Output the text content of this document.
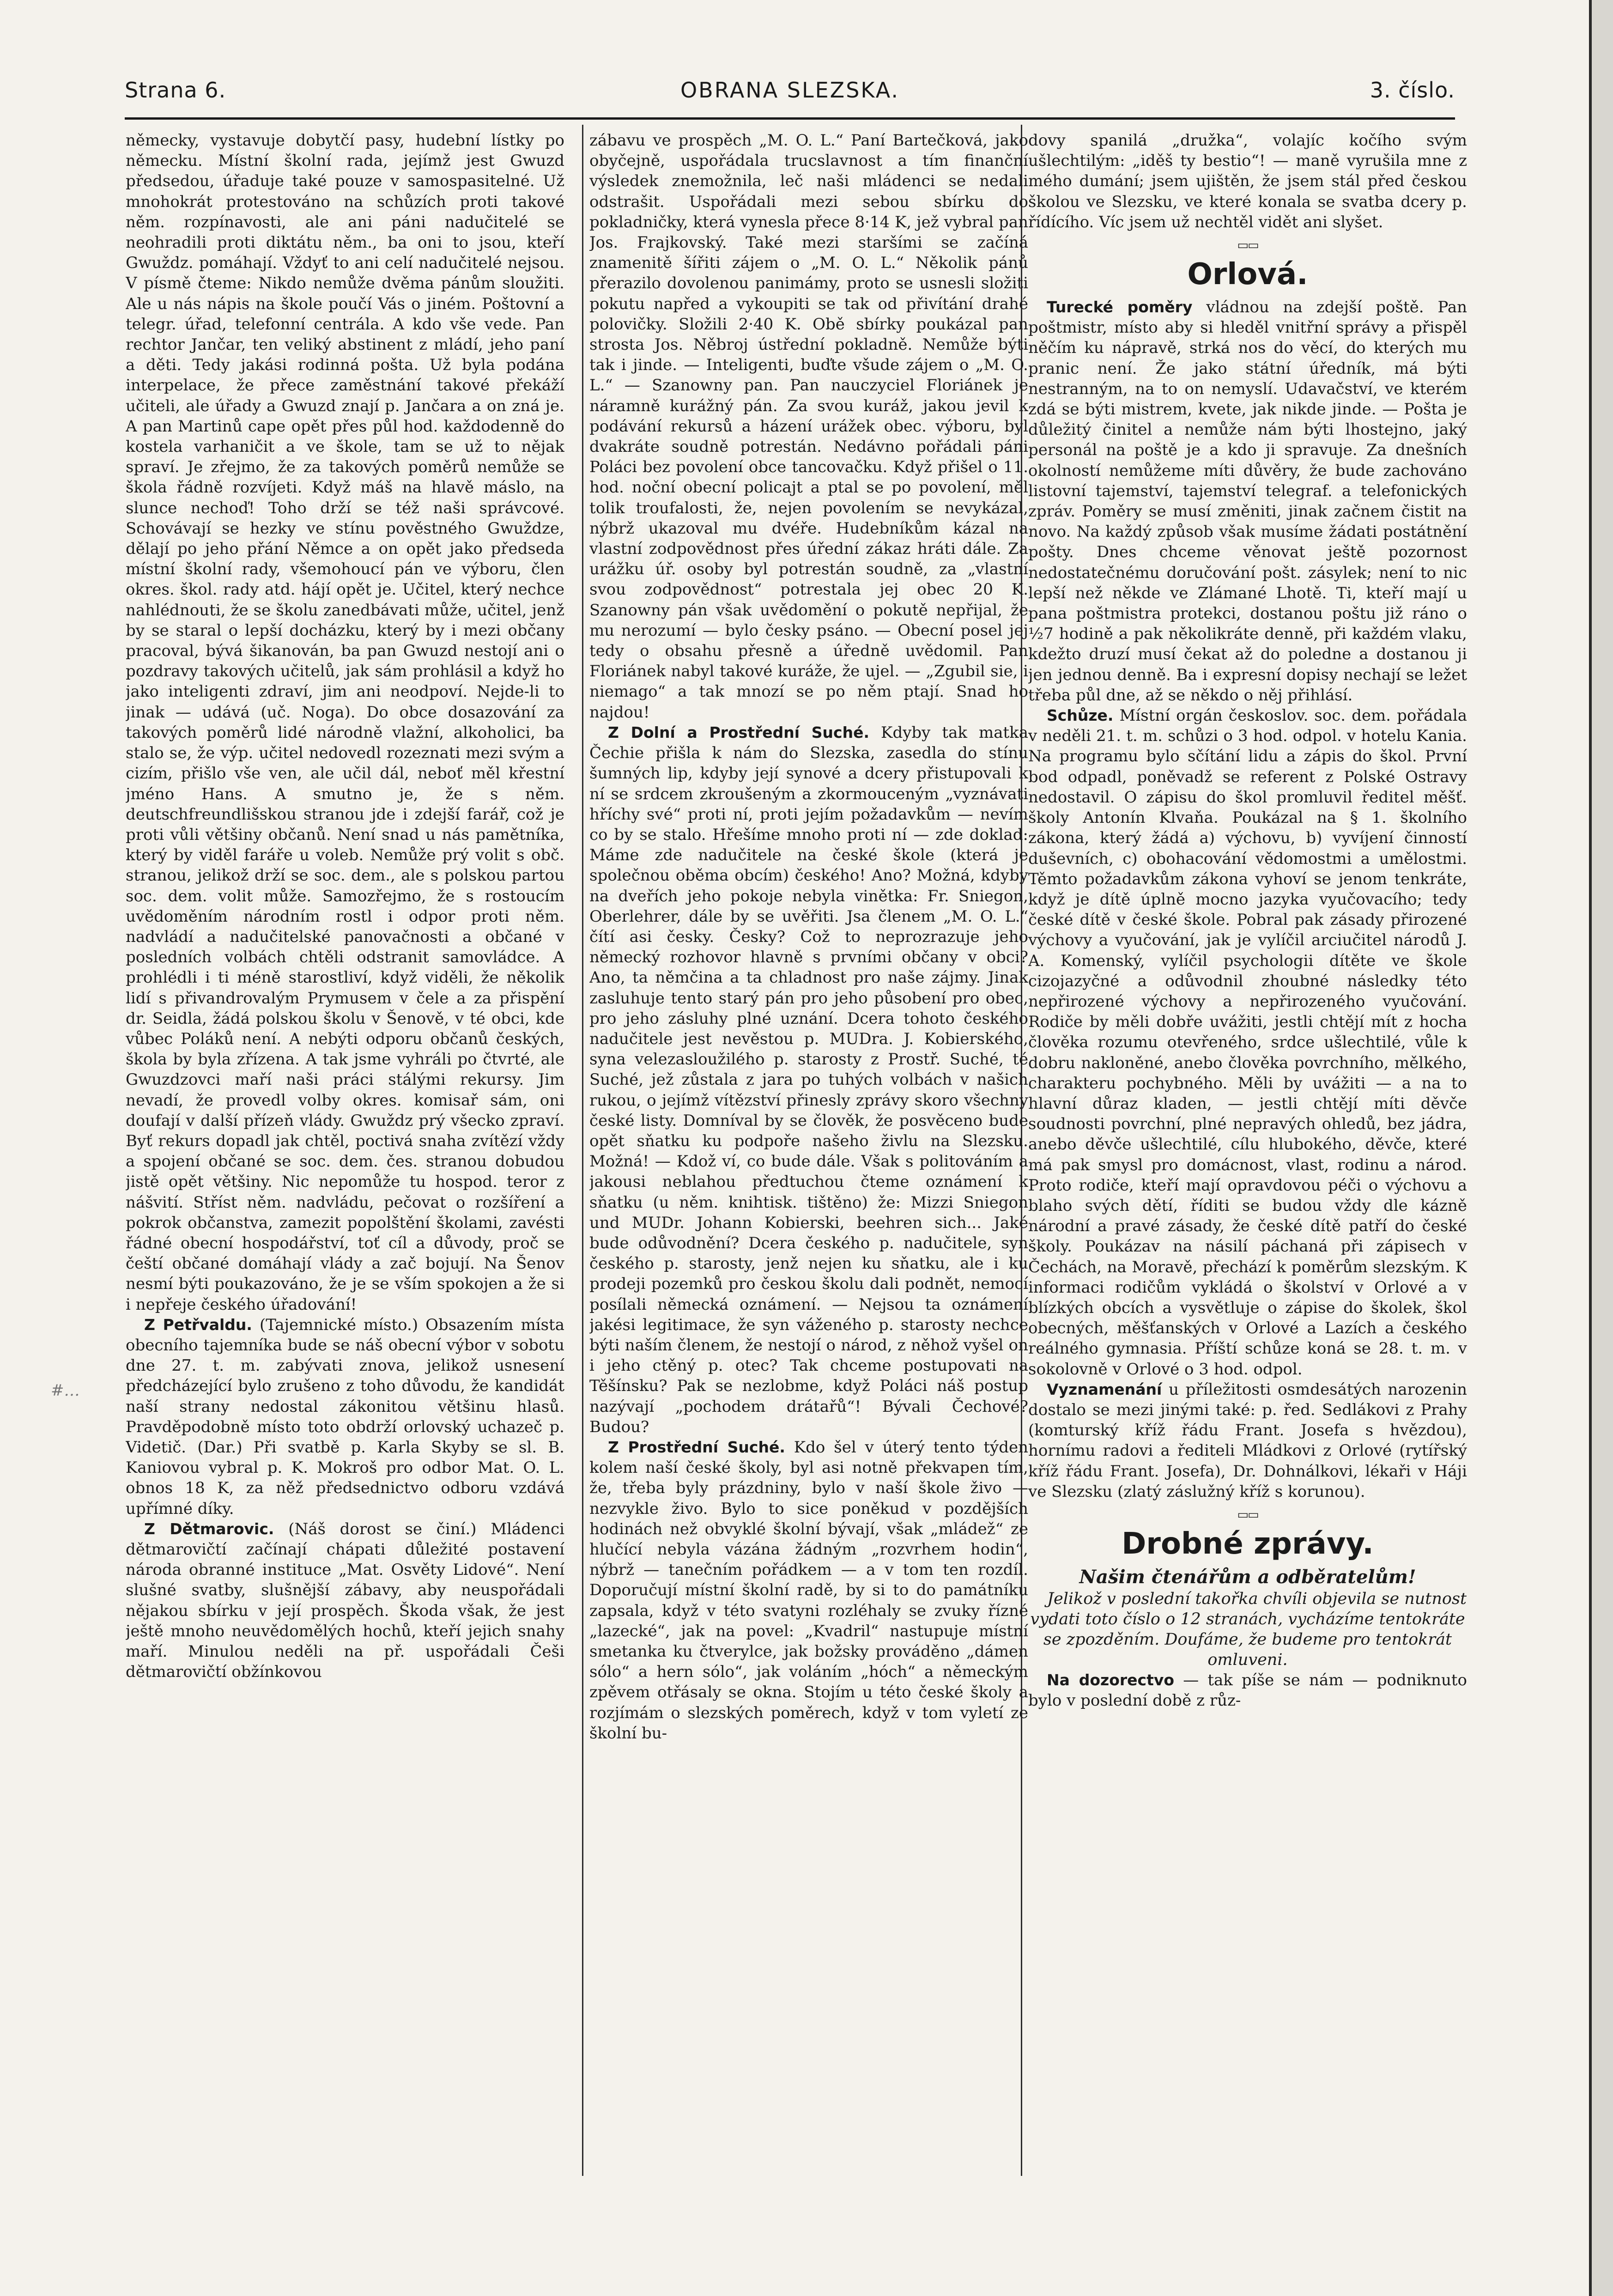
#…
Strana 6.	OBRANA SLEZSKA.	3. číslo.

německy, vystavuje dobytčí pasy, hudební lístky po německu. Místní školní rada, jejímž jest Gwuzd předsedou, úřaduje také pouze v samospasitelné. Už mnohokrát protestováno na schůzích proti takové něm. rozpínavosti, ale ani páni nadučitelé se neohradili proti diktátu něm., ba oni to jsou, kteří Gwuždz. pomáhají. Vždyť to ani celí nadučitelé nejsou. V písmě čteme: Nikdo nemůže dvěma pánům sloužiti. Ale u nás nápis na škole poučí Vás o jiném. Poštovní a telegr. úřad, telefonní centrála. A kdo vše vede. Pan rechtor Jančar, ten veliký abstinent z mládí, jeho paní a děti. Tedy jakási rodinná pošta. Už byla podána interpelace, že přece zaměstnání takové překáží učiteli, ale úřady a Gwuzd znají p. Jančara a on zná je. A pan Martinů cape opět přes půl hod. každodenně do kostela varhaničit a ve škole, tam se už to nějak spraví. Je zřejmo, že za takových poměrů nemůže se škola řádně rozvíjeti. Když máš na hlavě máslo, na slunce nechoď! Toho drží se též naši správcové. Schovávají se hezky ve stínu pověstného Gwuždze, dělají po jeho přání Němce a on opět jako předseda místní školní rady, všemohoucí pán ve výboru, člen okres. škol. rady atd. hájí opět je. Učitel, který nechce nahlédnouti, že se školu zanedbávati může, učitel, jenž by se staral o lepší docházku, který by i mezi občany pracoval, bývá šikanován, ba pan Gwuzd nestojí ani o pozdravy takových učitelů, jak sám prohlásil a když ho jako inteligenti zdraví, jim ani neodpoví. Nejde-li to jinak — udává (uč. Noga). Do obce dosazování za takových poměrů lidé národně vlažní, alkoholici, ba stalo se, že výp. učitel nedovedl rozeznati mezi svým a cizím, přišlo vše ven, ale učil dál, neboť měl křestní jméno Hans. A smutno je, že s něm. deutschfreundlišskou stranou jde i zdejší farář, což je proti vůli většiny občanů. Není snad u nás pamětníka, který by viděl faráře u voleb. Nemůže prý volit s obč. stranou, jelikož drží se soc. dem., ale s polskou partou soc. dem. volit může. Samozřejmo, že s rostoucím uvědoměním národním rostl i odpor proti něm. nadvládí a nadučitelské panovačnosti a občané v posledních volbách chtěli odstranit samovládce. A prohlédli i ti méně starostliví, když viděli, že několik lidí s přivandrovalým Prymusem v čele a za přispění dr. Seidla, žádá polskou školu v Šenově, v té obci, kde vůbec Poláků není. A nebýti odporu občanů českých, škola by byla zřízena. A tak jsme vyhráli po čtvrté, ale Gwuzdzovci maří naši práci stálými rekursy. Jim nevadí, že provedl volby okres. komisař sám, oni doufají v další přízeň vlády. Gwuždz prý všecko zpraví. Byť rekurs dopadl jak chtěl, poctivá snaha zvítězí vždy a spojení občané se soc. dem. čes. stranou dobudou jistě opět většiny. Nic nepomůže tu hospod. teror z nášvití. Stříst něm. nadvládu, pečovat o rozšíření a pokrok občanstva, zamezit popolštění školami, zavésti řádné obecní hospodářství, toť cíl a důvody, proč se čeští občané domáhají vlády a zač bojují. Na Šenov nesmí býti poukazováno, že je se vším spokojen a že si i nepřeje českého úřadování!

Z Petřvaldu. (Tajemnické místo.) Obsazením místa obecního tajemníka bude se náš obecní výbor v sobotu dne 27. t. m. zabývati znova, jelikož usnesení předcházející bylo zrušeno z toho důvodu, že kandidát naší strany nedostal zákonitou většinu hlasů. Pravděpodobně místo toto obdrží orlovský uchazeč p. Videtič. (Dar.) Při svatbě p. Karla Skyby se sl. B. Kaniovou vybral p. K. Mokroš pro odbor Mat. O. L. obnos 18 K, za něž předsednictvo odboru vzdává upřímné díky.

Z Dětmarovic. (Náš dorost se činí.) Mládenci dětmarovičtí začínají chápati důležité postavení národa obranné instituce „Mat. Osvěty Lidové“. Není slušné svatby, slušnější zábavy, aby neuspořádali nějakou sbírku v její prospěch. Škoda však, že jest ještě mnoho neuvědomělých hochů, kteří jejich snahy maří. Minulou neděli na př. uspořádali Češi dětmarovičtí obžínkovou

zábavu ve prospěch „M. O. L.“ Paní Bartečková, jako obyčejně, uspořádala trucslavnost a tím finanční výsledek znemožnila, leč naši mládenci se nedali odstrašit. Uspořádali mezi sebou sbírku do pokladničky, která vynesla přece 8·14 K, jež vybral pan Jos. Frajkovský. Také mezi staršími se začíná znamenitě šířiti zájem o „M. O. L.“ Několik pánů přerazilo dovolenou panimámy, proto se usnesli složiti pokutu napřed a vykoupiti se tak od přivítání drahé polovičky. Složili 2·40 K. Obě sbírky poukázal pan strosta Jos. Něbroj ústřední pokladně. Nemůže býti tak i jinde. — Inteligenti, buďte všude zájem o „M. O. L.“ — Szanowny pan. Pan nauczyciel Floriánek je náramně kurážný pán. Za svou kuráž, jakou jevil k podávání rekursů a házení urážek obec. výboru, byl dvakráte soudně potrestán. Nedávno pořádali páni Poláci bez povolení obce tancovačku. Když přišel o 11. hod. noční obecní policajt a ptal se po povolení, měl tolik troufalosti, že, nejen povolením se nevykázal, nýbrž ukazoval mu dvéře. Hudebníkům kázal na vlastní zodpovědnost přes úřední zákaz hráti dále. Za urážku úř. osoby byl potrestán soudně, za „vlastní svou zodpovědnost“ potrestala jej obec 20 K. Szanowny pán však uvědomění o pokutě nepřijal, že mu nerozumí — bylo česky psáno. — Obecní posel jej tedy o obsahu přesně a úředně uvědomil. Pan Floriánek nabyl takové kuráže, že ujel. — „Zgubil sie, i niemago“ a tak mnozí se po něm ptají. Snad ho najdou!

Z Dolní a Prostřední Suché. Kdyby tak matka Čechie přišla k nám do Slezska, zasedla do stínu šumných lip, kdyby její synové a dcery přistupovali k ní se srdcem zkroušeným a zkormouceným „vyznávati hříchy své“ proti ní, proti jejím požadavkům — nevím co by se stalo. Hřešíme mnoho proti ní — zde doklad: Máme zde nadučitele na české škole (která je společnou oběma obcím) českého! Ano? Možná, kdyby na dveřích jeho pokoje nebyla vinětka: Fr. Sniegon, Oberlehrer, dále by se uvěřiti. Jsa členem „M. O. L.“ čítí asi česky. Česky? Což to neprozrazuje jeho německý rozhovor hlavně s prvními občany v obci? Ano, ta němčina a ta chladnost pro naše zájmy. Jinak zasluhuje tento starý pán pro jeho působení pro obec, pro jeho zásluhy plné uznání. Dcera tohoto českého nadučitele jest nevěstou p. MUDra. J. Kobierského, syna velezasloužilého p. starosty z Prostř. Suché, té Suché, jež zůstala z jara po tuhých volbách v našich rukou, o jejímž vítězství přinesly zprávy skoro všechny české listy. Domníval by se člověk, že posvěceno bude opět sňatku ku podpoře našeho živlu na Slezsku. Možná! — Kdož ví, co bude dále. Však s politováním a jakousi neblahou předtuchou čteme oznámení k sňatku (u něm. knihtisk. tištěno) že: Mizzi Sniegon und MUDr. Johann Kobierski, beehren sich... Jaké bude odůvodnění? Dcera českého p. nadučitele, syn českého p. starosty, jenž nejen ku sňatku, ale i ku prodeji pozemků pro českou školu dali podnět, nemocí posílali německá oznámení. — Nejsou ta oznámení jakési legitimace, že syn váženého p. starosty nechce býti naším členem, že nestojí o národ, z něhož vyšel on i jeho ctěný p. otec? Tak chceme postupovati na Těšínsku? Pak se nezlobme, když Poláci náš postup nazývají „pochodem drátařů“! Bývali Čechové? Budou?

Z Prostřední Suché. Kdo šel v úterý tento týden kolem naší české školy, byl asi notně překvapen tím, že, třeba byly prázdniny, bylo v naší škole živo — nezvykle živo. Bylo to sice poněkud v pozdějších hodinách než obvyklé školní bývají, však „mládež“ ze hlučící nebyla vázána žádným „rozvrhem hodin“, nýbrž — tanečním pořádkem — a v tom ten rozdíl. Doporučují místní školní radě, by si to do památníku zapsala, když v této svatyni rozléhaly se zvuky řízné „lazecké“, jak na povel: „Kvadril“ nastupuje místní smetanka ku čtverylce, jak božsky prováděno „dámen sólo“ a hern sólo“, jak voláním „hóch“ a německým zpěvem otřásaly se okna. Stojím u této české školy a rozjímám o slezských poměrech, když v tom vyletí ze školní bu-

dovy spanilá „družka“, volajíc kočího svým ušlechtilým: „iděš ty bestio“! — maně vyrušila mne z mého dumání; jsem ujištěn, že jsem stál před českou školou ve Slezsku, ve které konala se svatba dcery p. řídícího. Víc jsem už nechtěl vidět ani slyšet.

▭▭
Orlová.

Turecké poměry vládnou na zdejší poště. Pan poštmistr, místo aby si hleděl vnitřní správy a přispěl něčím ku nápravě, strká nos do věcí, do kterých mu pranic není. Že jako státní úředník, má býti nestranným, na to on nemyslí. Udavačství, ve kterém zdá se býti mistrem, kvete, jak nikde jinde. — Pošta je důležitý činitel a nemůže nám býti lhostejno, jaký personál na poště je a kdo ji spravuje. Za dnešních okolností nemůžeme míti důvěry, že bude zachováno listovní tajemství, tajemství telegraf. a telefonických zpráv. Poměry se musí změniti, jinak začnem čistit na novo. Na každý způsob však musíme žádati postátnění pošty. Dnes chceme věnovat ještě pozornost nedostatečnému doručování pošt. zásylek; není to nic lepší než někde ve Zlámané Lhotě. Ti, kteří mají u pana poštmistra protekci, dostanou poštu již ráno o ½7 hodině a pak několikráte denně, při každém vlaku, kdežto druzí musí čekat až do poledne a dostanou ji jen jednou denně. Ba i expresní dopisy nechají se ležet třeba půl dne, až se někdo o něj přihlásí.

Schůze. Místní orgán českoslov. soc. dem. pořádala v neděli 21. t. m. schůzi o 3 hod. odpol. v hotelu Kania. Na programu bylo sčítání lidu a zápis do škol. První bod odpadl, poněvadž se referent z Polské Ostravy nedostavil. O zápisu do škol promluvil ředitel měšť. školy Antonín Klvaňa. Poukázal na § 1. školního zákona, který žádá a) výchovu, b) vyvíjení činností duševních, c) obohacování vědomostmi a umělostmi. Těmto požadavkům zákona vyhoví se jenom tenkráte, když je dítě úplně mocno jazyka vyučovacího; tedy české dítě v české škole. Pobral pak zásady přirozené výchovy a vyučování, jak je vylíčil arciučitel národů J. A. Komenský, vylíčil psychologii dítěte ve škole cizojazyčné a odůvodnil zhoubné následky této nepřirozené výchovy a nepřirozeného vyučování. Rodiče by měli dobře uvážiti, jestli chtějí mít z hocha člověka rozumu otevřeného, srdce ušlechtilé, vůle k dobru nakloněné, anebo člověka povrchního, mělkého, charakteru pochybného. Měli by uvážiti — a na to hlavní důraz kladen, — jestli chtějí míti děvče soudnosti povrchní, plné nepravých ohledů, bez jádra, anebo děvče ušlechtilé, cílu hlubokého, děvče, které má pak smysl pro domácnost, vlast, rodinu a národ. Proto rodiče, kteří mají opravdovou péči o výchovu a blaho svých dětí, říditi se budou vždy dle kázně národní a pravé zásady, že české dítě patří do české školy. Poukázav na násilí páchaná při zápisech v Čechách, na Moravě, přechází k poměrům slezským. K informaci rodičům vykládá o školství v Orlové a v blízkých obcích a vysvětluje o zápise do školek, škol obecných, měšťanských v Orlové a Lazích a českého reálného gymnasia. Příští schůze koná se 28. t. m. v sokolovně v Orlové o 3 hod. odpol.

Vyznamenání u příležitosti osmdesátých narozenin dostalo se mezi jinými také: p. řed. Sedlákovi z Prahy (komturský kříž řádu Frant. Josefa s hvězdou), hornímu radovi a řediteli Mládkovi z Orlové (rytířský kříž řádu Frant. Josefa), Dr. Dohnálkovi, lékaři v Háji ve Slezsku (zlatý záslužný kříž s korunou).

▭▭
Drobné zprávy.
Našim čtenářům a odběratelům!

Jelikož v poslední takořka chvíli objevila se nutnost vydati toto číslo o 12 stranách, vycházíme tentokráte se zpozděním. Doufáme, že budeme pro tentokrát omluveni.

Na dozorectvo — tak píše se nám — podniknuto bylo v poslední době z růz-
